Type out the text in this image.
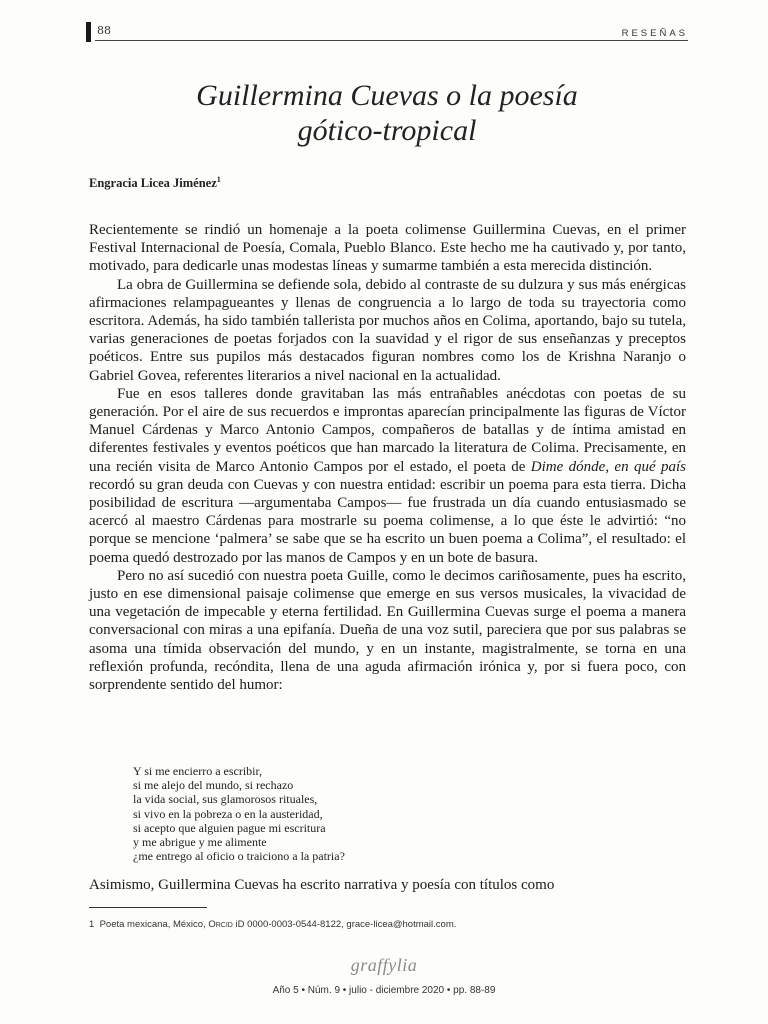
88	RESEÑAS
Guillermina Cuevas o la poesía
gótico-tropical
Engracia Licea Jiménez$^1$

Recientemente se rindió un homenaje a la poeta colimense Guillermina Cuevas, en el primer Festival Internacional de Poesía, Comala, Pueblo Blanco. Este hecho me ha cautivado y, por tanto, motivado, para dedicarle unas modestas líneas y sumarme también a esta merecida distinción.

La obra de Guillermina se defiende sola, debido al contraste de su dulzura y sus más enérgicas afirmaciones relampagueantes y llenas de congruencia a lo largo de toda su trayectoria como escritora. Además, ha sido también tallerista por muchos años en Colima, aportando, bajo su tutela, varias generaciones de poetas forjados con la suavidad y el rigor de sus enseñanzas y preceptos poéticos. Entre sus pupilos más destacados figuran nombres como los de Krishna Naranjo o Gabriel Govea, referentes literarios a nivel nacional en la actualidad.

Fue en esos talleres donde gravitaban las más entrañables anécdotas con poetas de su generación. Por el aire de sus recuerdos e improntas aparecían principalmente las figuras de Víctor Manuel Cárdenas y Marco Antonio Campos, compañeros de batallas y de íntima amistad en diferentes festivales y eventos poéticos que han marcado la literatura de Colima. Precisamente, en una recién visita de Marco Antonio Campos por el estado, el poeta de Dime dónde, en qué país recordó su gran deuda con Cuevas y con nuestra entidad: escribir un poema para esta tierra. Dicha posibilidad de escritura —argumentaba Campos— fue frustrada un día cuando entusiasmado se acercó al maestro Cárdenas para mostrarle su poema colimense, a lo que éste le advirtió: “no porque se mencione ‘palmera’ se sabe que se ha escrito un buen poema a Colima”, el resultado: el poema quedó destrozado por las manos de Campos y en un bote de basura.

Pero no así sucedió con nuestra poeta Guille, como le decimos cariñosamente, pues ha escrito, justo en ese dimensional paisaje colimense que emerge en sus versos musicales, la vivacidad de una vegetación de impecable y eterna fertilidad. En Guillermina Cuevas surge el poema a manera conversacional con miras a una epifanía. Dueña de una voz sutil, pareciera que por sus palabras se asoma una tímida observación del mundo, y en un instante, magistralmente, se torna en una reflexión profunda, recóndita, llena de una aguda afirmación irónica y, por si fuera poco, con sorprendente sentido del humor:

Y si me encierro a escribir,
si me alejo del mundo, si rechazo
la vida social, sus glamorosos rituales,
si vivo en la pobreza o en la austeridad,
si acepto que alguien pague mi escritura
y me abrigue y me alimente
¿me entrego al oficio o traiciono a la patria?
Asimismo, Guillermina Cuevas ha escrito narrativa y poesía con títulos como
1 Poeta mexicana, México, Orcid iD 0000-0003-0544-8122, grace-licea@hotmail.com.
graffylia
Año 5 • Núm. 9 • julio - diciembre 2020 • pp. 88-89
